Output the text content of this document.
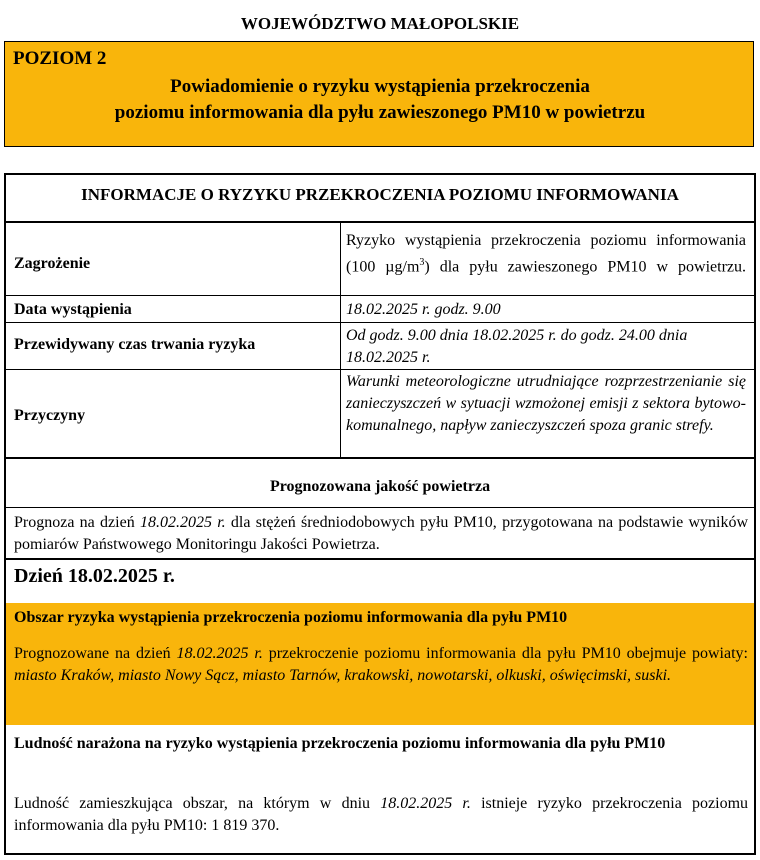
WOJEWÓDZTWO MAŁOPOLSKIE
POZIOM 2
Powiadomienie o ryzyku wystąpienia przekroczenia
poziomu informowania dla pyłu zawieszonego PM10 w powietrzu
INFORMACJE O RYZYKU PRZEKROCZENIA POZIOMU INFORMOWANIA
Zagrożenie
Ryzyko wystąpienia przekroczenia poziomu informowania (100 $\mu g/m^3$) dla pyłu zawieszonego PM10 w powietrzu.
Data wystąpienia	18.02.2025 r. godz. 9.00
Przewidywany czas trwania ryzyka
Od godz. 9.00 dnia 18.02.2025 r. do godz. 24.00 dnia 18.02.2025 r.
Przyczyny
Warunki meteorologiczne utrudniające rozprzestrzenianie się zanieczyszczeń w sytuacji wzmożonej emisji z sektora bytowo-komunalnego, napływ zanieczyszczeń spoza granic strefy.
Prognozowana jakość powietrza
Prognoza na dzień 18.02.2025 r. dla stężeń średniodobowych pyłu PM10, przygotowana na podstawie wyników pomiarów Państwowego Monitoringu Jakości Powietrza.
Dzień 18.02.2025 r.
Obszar ryzyka wystąpienia przekroczenia poziomu informowania dla pyłu PM10
Prognozowane na dzień 18.02.2025 r. przekroczenie poziomu informowania dla pyłu PM10 obejmuje powiaty: miasto Kraków, miasto Nowy Sącz, miasto Tarnów, krakowski, nowotarski, olkuski, oświęcimski, suski.
Ludność narażona na ryzyko wystąpienia przekroczenia poziomu informowania dla pyłu PM10
Ludność zamieszkująca obszar, na którym w dniu 18.02.2025 r. istnieje ryzyko przekroczenia poziomu informowania dla pyłu PM10: 1 819 370.
